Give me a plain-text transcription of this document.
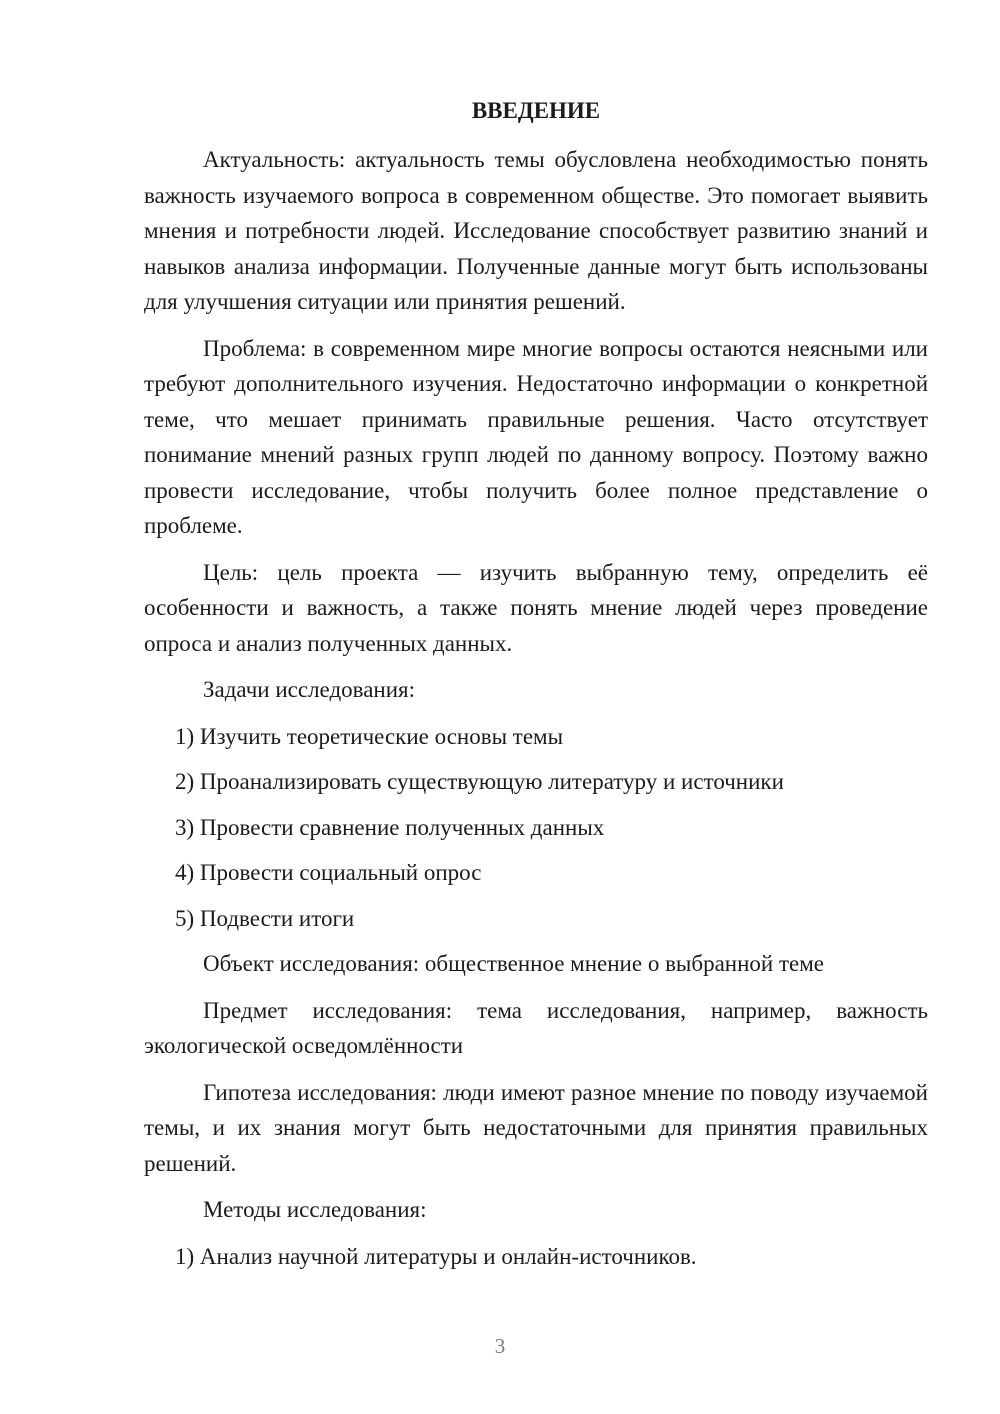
ВВЕДЕНИЕ

Актуальность: актуальность темы обусловлена необходимостью понять важность изучаемого вопроса в современном обществе. Это помогает выявить мнения и потребности людей. Исследование способствует развитию знаний и навыков анализа информации. Полученные данные могут быть использованы для улучшения ситуации или принятия решений.

Проблема: в современном мире многие вопросы остаются неясными или требуют дополнительного изучения. Недостаточно информации о конкретной теме, что мешает принимать правильные решения. Часто отсутствует понимание мнений разных групп людей по данному вопросу. Поэтому важно провести исследование, чтобы получить более полное представление о проблеме.

Цель: цель проекта — изучить выбранную тему, определить её особенности и важность, а также понять мнение людей через проведение опроса и анализ полученных данных.

Задачи исследования:

1) Изучить теоретические основы темы

2) Проанализировать существующую литературу и источники

3) Провести сравнение полученных данных

4) Провести социальный опрос

5) Подвести итоги

Объект исследования: общественное мнение о выбранной теме

Предмет исследования: тема исследования, например, важность экологической осведомлённости

Гипотеза исследования: люди имеют разное мнение по поводу изучаемой темы, и их знания могут быть недостаточными для принятия правильных решений.

Методы исследования:

1) Анализ научной литературы и онлайн-источников.

3
